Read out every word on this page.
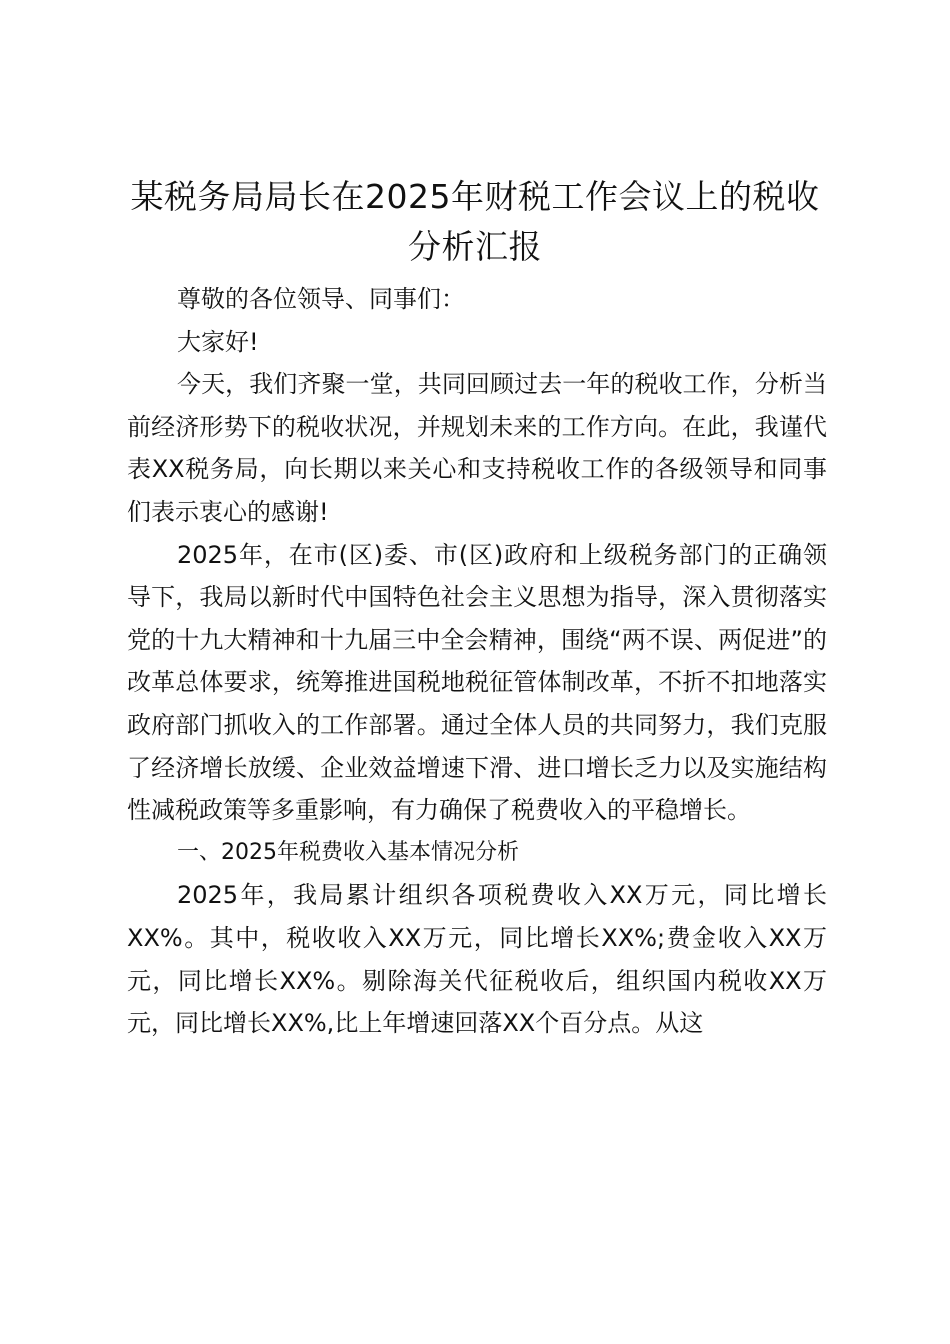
某税务局局长在2025年财税工作会议上的税收分析汇报

尊敬的各位领导、同事们：

大家好!

今天，我们齐聚一堂，共同回顾过去一年的税收工作，分析当前经济形势下的税收状况，并规划未来的工作方向。在此，我谨代表XX税务局，向长期以来关心和支持税收工作的各级领导和同事们表示衷心的感谢!

2025年，在市(区)委、市(区)政府和上级税务部门的正确领导下，我局以新时代中国特色社会主义思想为指导，深入贯彻落实党的十九大精神和十九届三中全会精神，围绕“两不误、两促进”的改革总体要求，统筹推进国税地税征管体制改革，不折不扣地落实政府部门抓收入的工作部署。通过全体人员的共同努力，我们克服了经济增长放缓、企业效益增速下滑、进口增长乏力以及实施结构性减税政策等多重影响，有力确保了税费收入的平稳增长。

一、2025年税费收入基本情况分析

2025年，我局累计组织各项税费收入XX万元，同比增长XX%。其中，税收收入XX万元，同比增长XX%;费金收入XX万元，同比增长XX%。剔除海关代征税收后，组织国内税收XX万元，同比增长XX%,比上年增速回落XX个百分点。从这
